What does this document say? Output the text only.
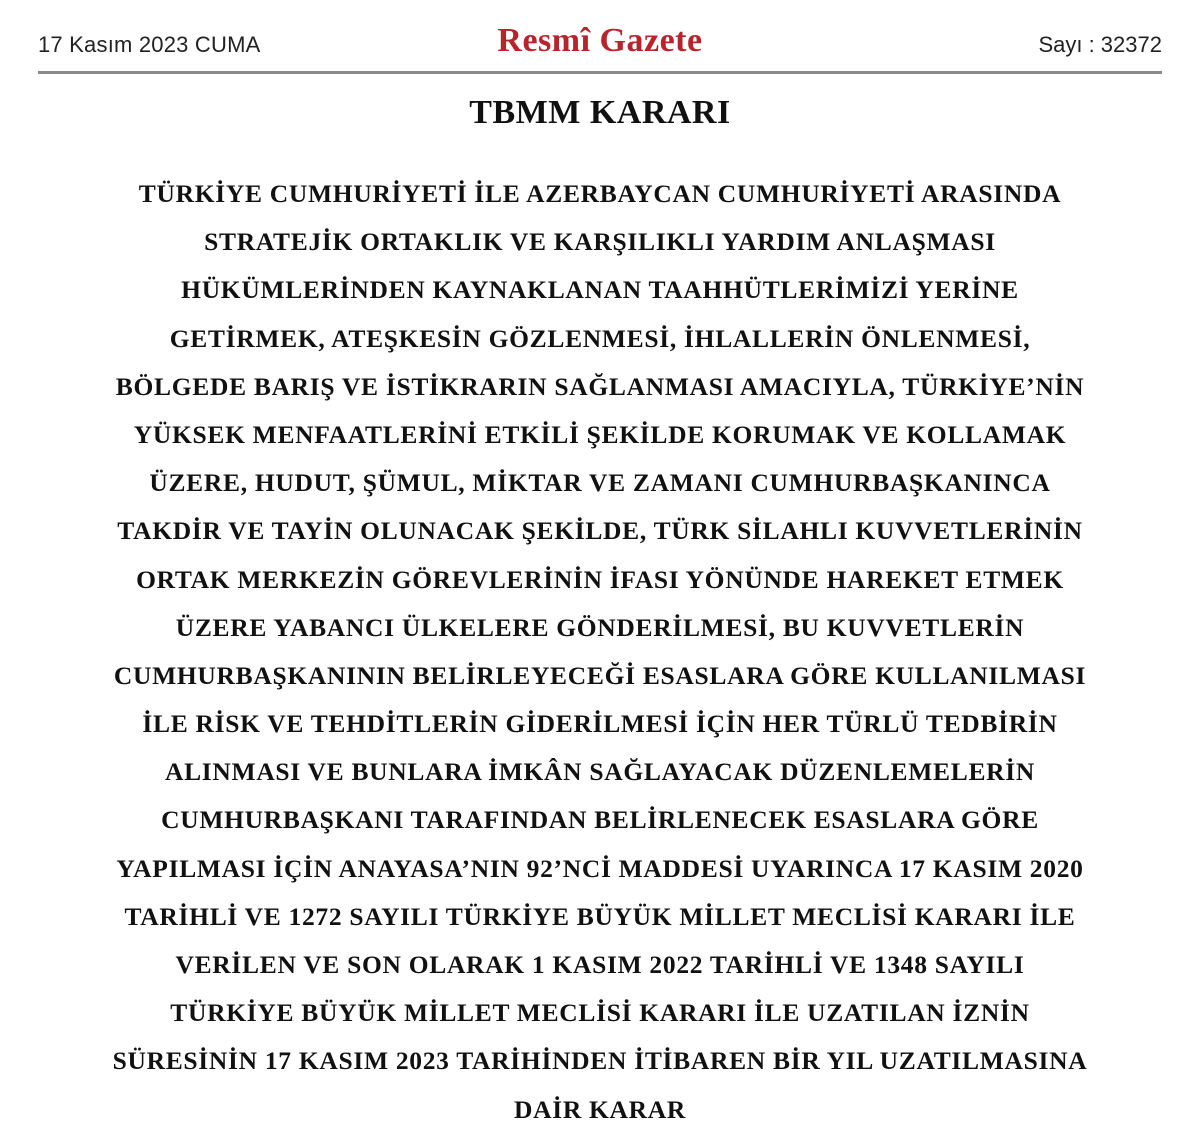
17 Kasım 2023 CUMA	Resmî Gazete	Sayı : 32372
TBMM KARARI
TÜRKİYE CUMHURİYETİ İLE AZERBAYCAN CUMHURİYETİ ARASINDA
STRATEJİK ORTAKLIK VE KARŞILIKLI YARDIM ANLAŞMASI
HÜKÜMLERİNDEN KAYNAKLANAN TAAHHÜTLERİMİZİ YERİNE
GETİRMEK, ATEŞKESİN GÖZLENMESİ, İHLALLERİN ÖNLENMESİ,
BÖLGEDE BARIŞ VE İSTİKRARIN SAĞLANMASI AMACIYLA, TÜRKİYE’NİN
YÜKSEK MENFAATLERİNİ ETKİLİ ŞEKİLDE KORUMAK VE KOLLAMAK
ÜZERE, HUDUT, ŞÜMUL, MİKTAR VE ZAMANI CUMHURBAŞKANINCA
TAKDİR VE TAYİN OLUNACAK ŞEKİLDE, TÜRK SİLAHLI KUVVETLERİNİN
ORTAK MERKEZİN GÖREVLERİNİN İFASI YÖNÜNDE HAREKET ETMEK
ÜZERE YABANCI ÜLKELERE GÖNDERİLMESİ, BU KUVVETLERİN
CUMHURBAŞKANININ BELİRLEYECEĞİ ESASLARA GÖRE KULLANILMASI
İLE RİSK VE TEHDİTLERİN GİDERİLMESİ İÇİN HER TÜRLÜ TEDBİRİN
ALINMASI VE BUNLARA İMKÂN SAĞLAYACAK DÜZENLEMELERİN
CUMHURBAŞKANI TARAFINDAN BELİRLENECEK ESASLARA GÖRE
YAPILMASI İÇİN ANAYASA’NIN 92’NCİ MADDESİ UYARINCA 17 KASIM 2020
TARİHLİ VE 1272 SAYILI TÜRKİYE BÜYÜK MİLLET MECLİSİ KARARI İLE
VERİLEN VE SON OLARAK 1 KASIM 2022 TARİHLİ VE 1348 SAYILI
TÜRKİYE BÜYÜK MİLLET MECLİSİ KARARI İLE UZATILAN İZNİN
SÜRESİNİN 17 KASIM 2023 TARİHİNDEN İTİBAREN BİR YIL UZATILMASINA
DAİR KARAR
